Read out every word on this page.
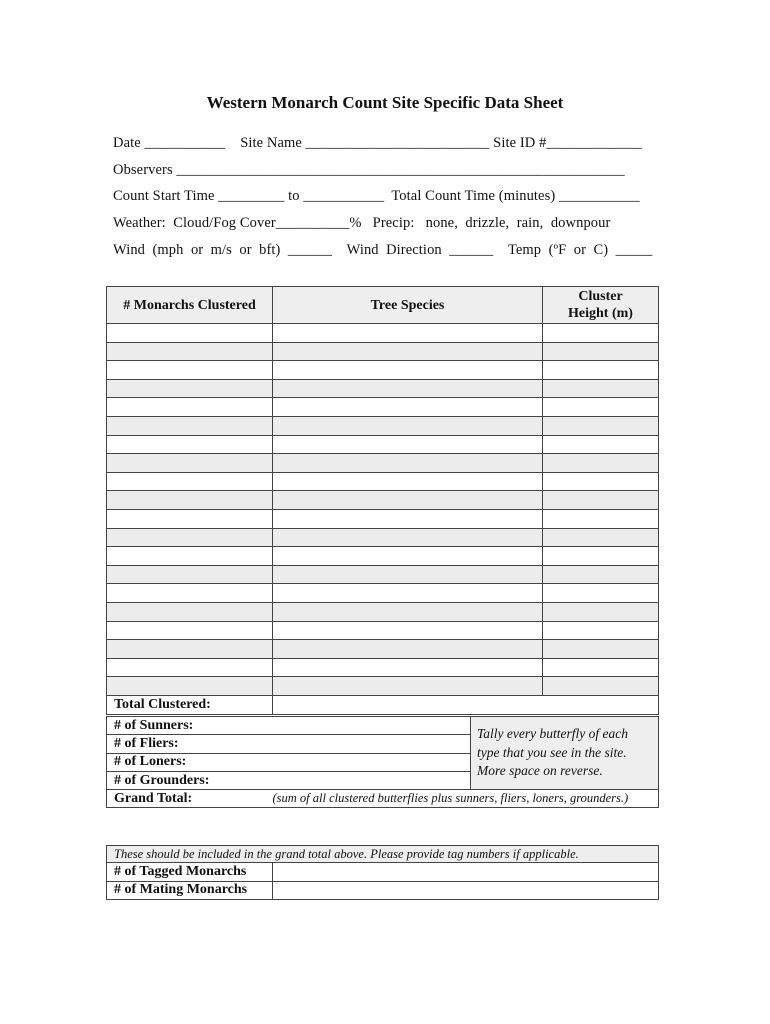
Western Monarch Count Site Specific Data Sheet
Date ___________    Site Name _________________________ Site ID #_____________
Observers _____________________________________________________________
Count Start Time _________ to ___________  Total Count Time (minutes) ___________
Weather:  Cloud/Fog Cover__________%   Precip:   none,  drizzle,  rain,  downpour
Wind  (mph  or  m/s  or  bft)  ______    Wind  Direction  ______    Temp  (ºF  or  C)  _____
# Monarchs Clustered	Tree Species	Cluster
Height (m)

Total Clustered:		
# of Sunners:		Tally every butterfly of each type that you see in the site. More space on reverse.
# of Fliers:		
# of Loners:		
# of Grounders:		
Grand Total:	(sum of all clustered butterflies plus sunners, fliers, loners, grounders.)	
These should be included in the grand total above. Please provide tag numbers if applicable.	
# of Tagged Monarchs	
# of Mating Monarchs	
